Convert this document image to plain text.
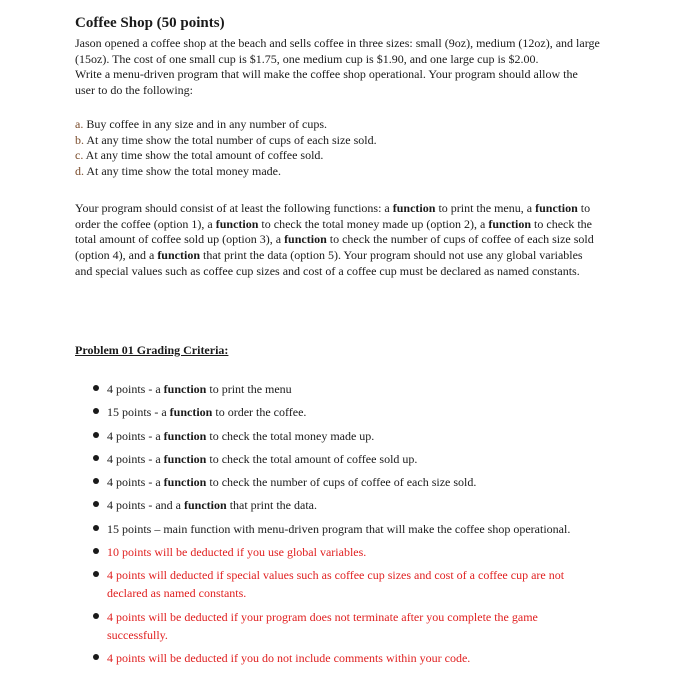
Coffee Shop (50 points)
Jason opened a coffee shop at the beach and sells coffee in three sizes: small (9oz), medium (12oz), and large (15oz). The cost of one small cup is $1.75, one medium cup is $1.90, and one large cup is $2.00.
Write a menu-driven program that will make the coffee shop operational. Your program should allow the user to do the following:
a. Buy coffee in any size and in any number of cups.
b. At any time show the total number of cups of each size sold.
c. At any time show the total amount of coffee sold.
d. At any time show the total money made.
Your program should consist of at least the following functions: a function to print the menu, a function to order the coffee (option 1), a function to check the total money made up (option 2), a function to check the total amount of coffee sold up (option 3), a function to check the number of cups of coffee of each size sold (option 4), and a function that print the data (option 5). Your program should not use any global variables and special values such as coffee cup sizes and cost of a coffee cup must be declared as named constants.
Problem 01 Grading Criteria:
4 points - a function to print the menu
15 points - a function to order the coffee.
4 points - a function to check the total money made up.
4 points - a function to check the total amount of coffee sold up.
4 points - a function to check the number of cups of coffee of each size sold.
4 points - and a function that print the data.
15 points – main function with menu-driven program that will make the coffee shop operational.
10 points will be deducted if you use global variables.
4 points will deducted if special values such as coffee cup sizes and cost of a coffee cup are not declared as named constants.
4 points will be deducted if your program does not terminate after you complete the game successfully.
4 points will be deducted if you do not include comments within your code.
